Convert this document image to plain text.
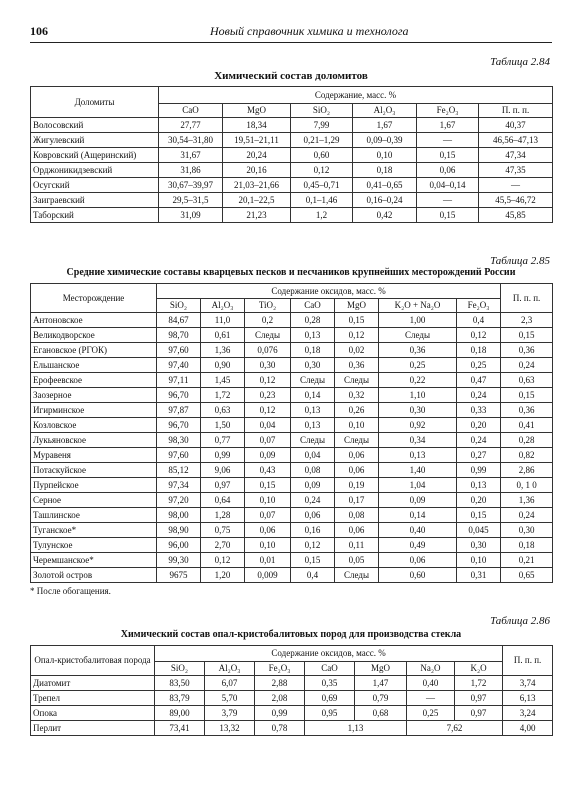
106	Новый справочник химика и технолога
Таблица 2.84
Химический состав доломитов
Доломиты	Содержание, масс. %					
	CaO	MgO	SiO₂	Al₂O₃	Fe₂O₃	П. п. п.
Волосовский	27,77	18,34	7,99	1,67	1,67	40,37
Жигулевский	30,54–31,80	19,51–21,11	0,21–1,29	0,09–0,39	—	46,56–47,13
Ковровский (Ащеринский)	31,67	20,24	0,60	0,10	0,15	47,34
Орджоникидзевский	31,86	20,16	0,12	0,18	0,06	47,35
Осугский	30,67–39,97	21,03–21,66	0,45–0,71	0,41–0,65	0,04–0,14	—
Заиграевский	29,5–31,5	20,1–22,5	0,1–1,46	0,16–0,24	—	45,5–46,72
Таборский	31,09	21,23	1,2	0,42	0,15	45,85
Таблица 2.85
Средние химические составы кварцевых песков и песчаников крупнейших месторождений России
Месторождение	Содержание оксидов, масс. %							П. п. п.
	SiO₂	Al₂O₃	TiO₂	CaO	MgO	K₂O + Na₂O	Fe₂O₃	
Антоновское	84,67	11,0	0,2	0,28	0,15	1,00	0,4	2,3
Великодворское	98,70	0,61	Следы	0,13	0,12	Следы	0,12	0,15
Егановское (РГОК)	97,60	1,36	0,076	0,18	0,02	0,36	0,18	0,36
Ельшанское	97,40	0,90	0,30	0,30	0,36	0,25	0,25	0,24
Ерофеевское	97,11	1,45	0,12	Следы	Следы	0,22	0,47	0,63
Заозерное	96,70	1,72	0,23	0,14	0,32	1,10	0,24	0,15
Игирминское	97,87	0,63	0,12	0,13	0,26	0,30	0,33	0,36
Козловское	96,70	1,50	0,04	0,13	0,10	0,92	0,20	0,41
Лукьяновское	98,30	0,77	0,07	Следы	Следы	0,34	0,24	0,28
Муравеня	97,60	0,99	0,09	0,04	0,06	0,13	0,27	0,82
Потаскуйское	85,12	9,06	0,43	0,08	0,06	1,40	0,99	2,86
Пурпейское	97,34	0,97	0,15	0,09	0,19	1,04	0,13	0, 1 0
Серное	97,20	0,64	0,10	0,24	0,17	0,09	0,20	1,36
Ташлинское	98,00	1,28	0,07	0,06	0,08	0,14	0,15	0,24
Туганское*	98,90	0,75	0,06	0,16	0,06	0,40	0,045	0,30
Тулунское	96,00	2,70	0,10	0,12	0,11	0,49	0,30	0,18
Черемшанское*	99,30	0,12	0,01	0,15	0,05	0,06	0,10	0,21
Золотой остров	9675	1,20	0,009	0,4	Следы	0,60	0,31	0,65
* После обогащения.
Таблица 2.86
Химический состав опал-кристобалитовых пород для производства стекла
Опал-кристобалитовая порода	Содержание оксидов, масс. %							П. п. п.
	SiO₂	Al₂O₃	Fe₂O₃	CaO	MgO	Na₂O	K₂O	
Диатомит	83,50	6,07	2,88	0,35	1,47	0,40	1,72	3,74
Трепел	83,79	5,70	2,08	0,69	0,79	—	0,97	6,13
Опока	89,00	3,79	0,99	0,95	0,68	0,25	0,97	3,24
Перлит	73,41	13,32	0,78	1,13		7,62		4,00
